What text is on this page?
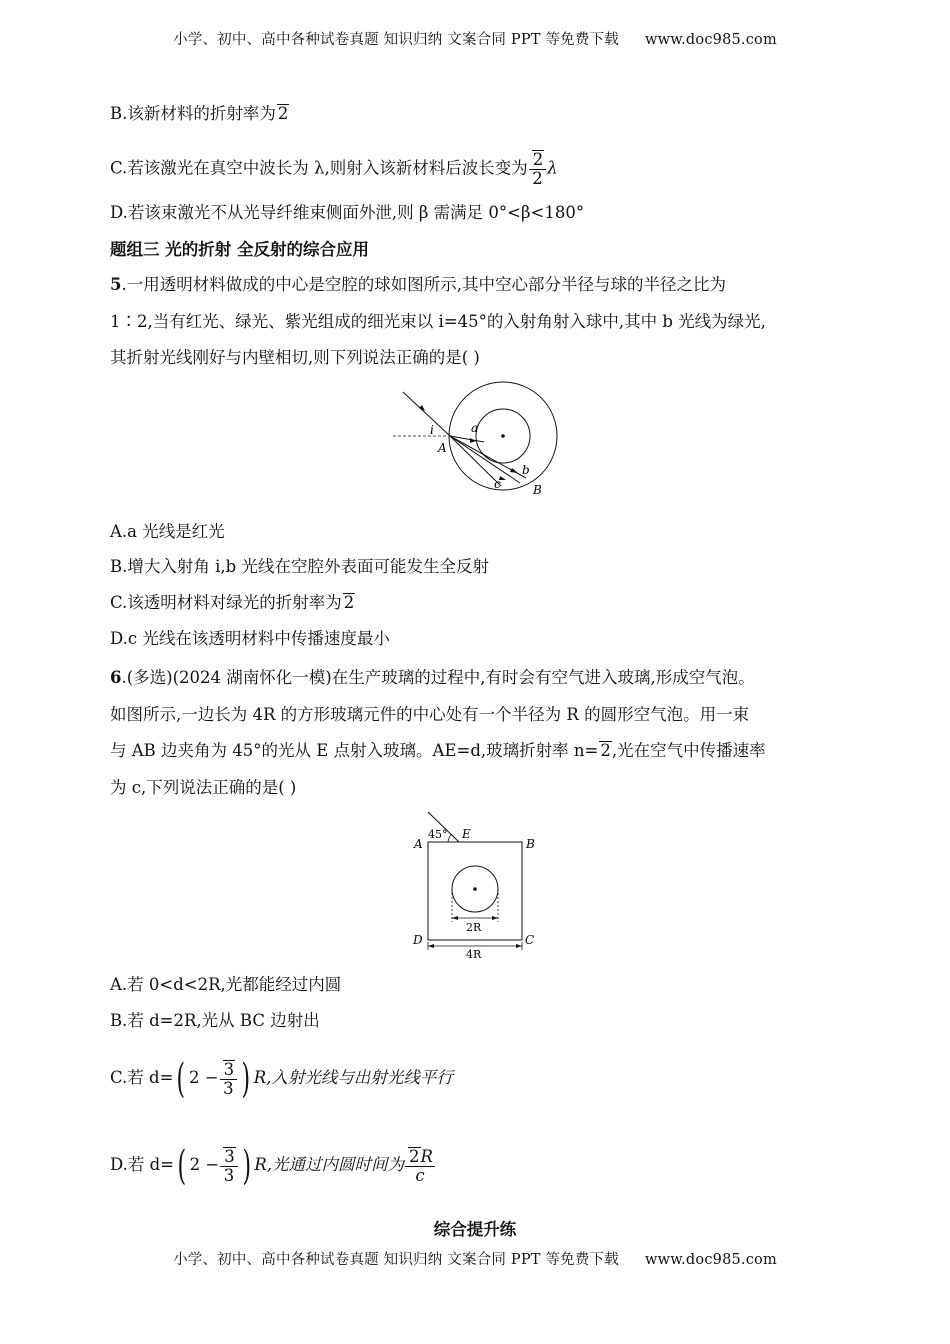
小学、初中、高中各种试卷真题 知识归纳 文案合同 PPT 等免费下载 www.doc985.com
B.该新材料的折射率为 2
C.若该激光在真空中波长为 λ,则射入该新材料后波长变为 $\frac{2}{2}$ λ
D.若该束激光不从光导纤维束侧面外泄,则 β 需满足 0°<β<180°
题组三 光的折射 全反射的综合应用
5.一用透明材料做成的中心是空腔的球如图所示,其中空心部分半径与球的半径之比为
1∶2,当有红光、绿光、紫光组成的细光束以 i=45°的入射角射入球中,其中 b 光线为绿光,
其折射光线刚好与内壁相切,则下列说法正确的是( )
i	a
A
b
c	B
A.a 光线是红光
B.增大入射角 i,b 光线在空腔外表面可能发生全反射
C.该透明材料对绿光的折射率为 2
D.c 光线在该透明材料中传播速度最小
6.(多选)(2024 湖南怀化一模)在生产玻璃的过程中,有时会有空气进入玻璃,形成空气泡。
如图所示,一边长为 4R 的方形玻璃元件的中心处有一个半径为 R 的圆形空气泡。用一束
与 AB 边夹角为 45°的光从 E 点射入玻璃。AE=d,玻璃折射率 n= 2,光在空气中传播速率
为 c,下列说法正确的是( )
45° E
A	B
D	C
2R
4R
A.若 0<d<2R,光都能经过内圆
B.若 d=2R,光从 BC 边射出
C.若 d=( $2 - \frac{3}{3}$ ) R,入射光线与出射光线平行
D.若 d=( $2 - \frac{3}{3}$ ) R,光通过内圆时间为 $\frac{2R}{c}$
综合提升练
小学、初中、高中各种试卷真题 知识归纳 文案合同 PPT 等免费下载 www.doc985.com
